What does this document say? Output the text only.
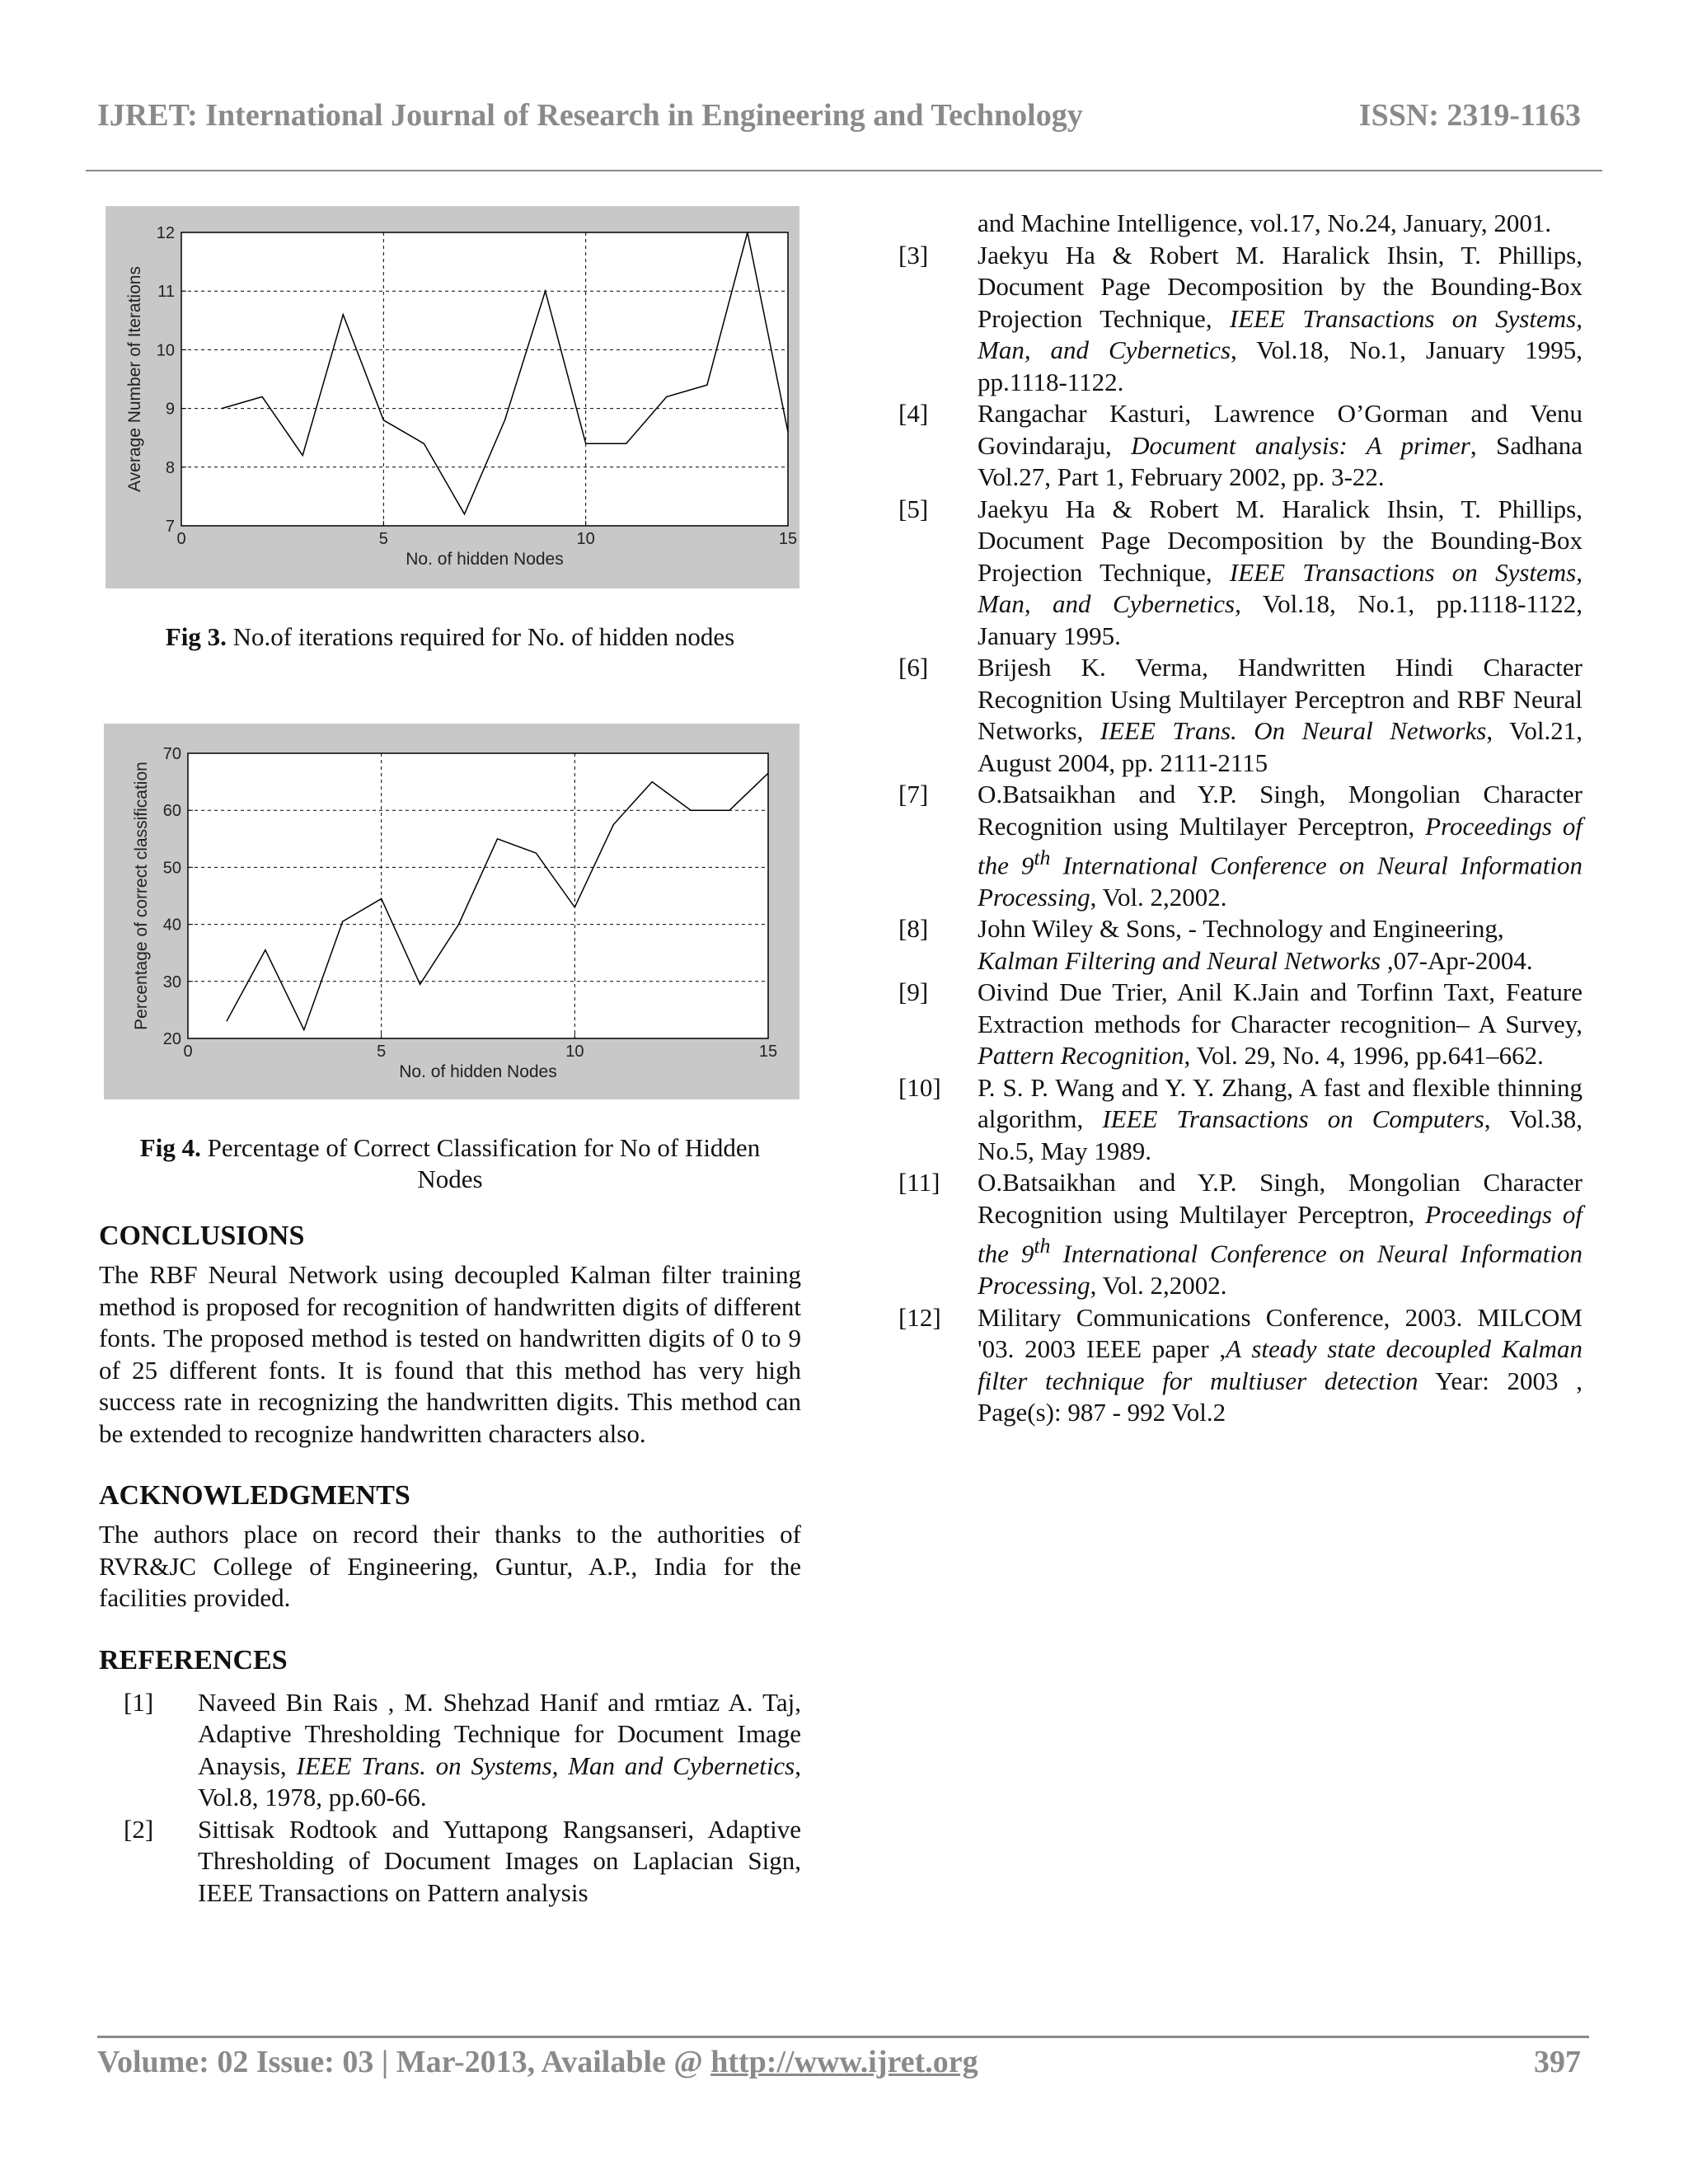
IJRET: International Journal of Research in Engineering and Technology	ISSN: 2319-1163
0	5	10	15
7
8
9
10
11
12
No. of hidden Nodes
Average Number of Iterations
Fig 3. No.of iterations required for No. of hidden nodes
0	5	10	15
20
30
40
50
60
70
No. of hidden Nodes
Percentage of correct classification
Fig 4. Percentage of Correct Classification for No of Hidden Nodes
CONCLUSIONS

The RBF Neural Network using decoupled Kalman filter training method is proposed for recognition of handwritten digits of different fonts. The proposed method is tested on handwritten digits of 0 to 9 of 25 different fonts. It is found that this method has very high success rate in recognizing the handwritten digits. This method can be extended to recognize handwritten characters also.

ACKNOWLEDGMENTS

The authors place on record their thanks to the authorities of RVR&JC College of Engineering, Guntur, A.P., India for the facilities provided.

REFERENCES
[1]	Naveed Bin Rais , M. Shehzad Hanif and rmtiaz A. Taj, Adaptive Thresholding Technique for Document Image Anaysis, IEEE Trans. on Systems, Man and Cybernetics, Vol.8, 1978, pp.60-66.
[2]	Sittisak Rodtook and Yuttapong Rangsanseri, Adaptive Thresholding of Document Images on Laplacian Sign, IEEE Transactions on Pattern analysis
and Machine Intelligence, vol.17, No.24, January, 2001.
[3]	Jaekyu Ha & Robert M. Haralick Ihsin, T. Phillips, Document Page Decomposition by the Bounding-Box Projection Technique, IEEE Transactions on Systems, Man, and Cybernetics, Vol.18, No.1, January 1995, pp.1118-1122.
[4]	Rangachar Kasturi, Lawrence O’Gorman and Venu Govindaraju, Document analysis: A primer, Sadhana Vol.27, Part 1, February 2002, pp. 3-22.
[5]	Jaekyu Ha & Robert M. Haralick Ihsin, T. Phillips, Document Page Decomposition by the Bounding-Box Projection Technique, IEEE Transactions on Systems, Man, and Cybernetics, Vol.18, No.1, pp.1118-1122, January 1995.
[6]	Brijesh K. Verma, Handwritten Hindi Character Recognition Using Multilayer Perceptron and RBF Neural Networks, IEEE Trans. On Neural Networks, Vol.21, August 2004, pp. 2111-2115
[7]	O.Batsaikhan and Y.P. Singh, Mongolian Character Recognition using Multilayer Perceptron, Proceedings of the 9th International Conference on Neural Information Processing, Vol. 2,2002.
[8]	John Wiley & Sons, - Technology and Engineering, Kalman Filtering and Neural Networks ,07-Apr-2004.
[9]	Oivind Due Trier, Anil K.Jain and Torfinn Taxt, Feature Extraction methods for Character recognition– A Survey, Pattern Recognition, Vol. 29, No. 4, 1996, pp.641–662.
[10]	P. S. P. Wang and Y. Y. Zhang, A fast and flexible thinning algorithm, IEEE Transactions on Computers, Vol.38, No.5, May 1989.
[11]	O.Batsaikhan and Y.P. Singh, Mongolian Character Recognition using Multilayer Perceptron, Proceedings of the 9th International Conference on Neural Information Processing, Vol. 2,2002.
[12]	Military Communications Conference, 2003. MILCOM '03. 2003 IEEE paper ,A steady state decoupled Kalman filter technique for multiuser detection Year: 2003 , Page(s): 987 - 992 Vol.2
Volume: 02 Issue: 03 | Mar-2013, Available @ http://www.ijret.org	397
